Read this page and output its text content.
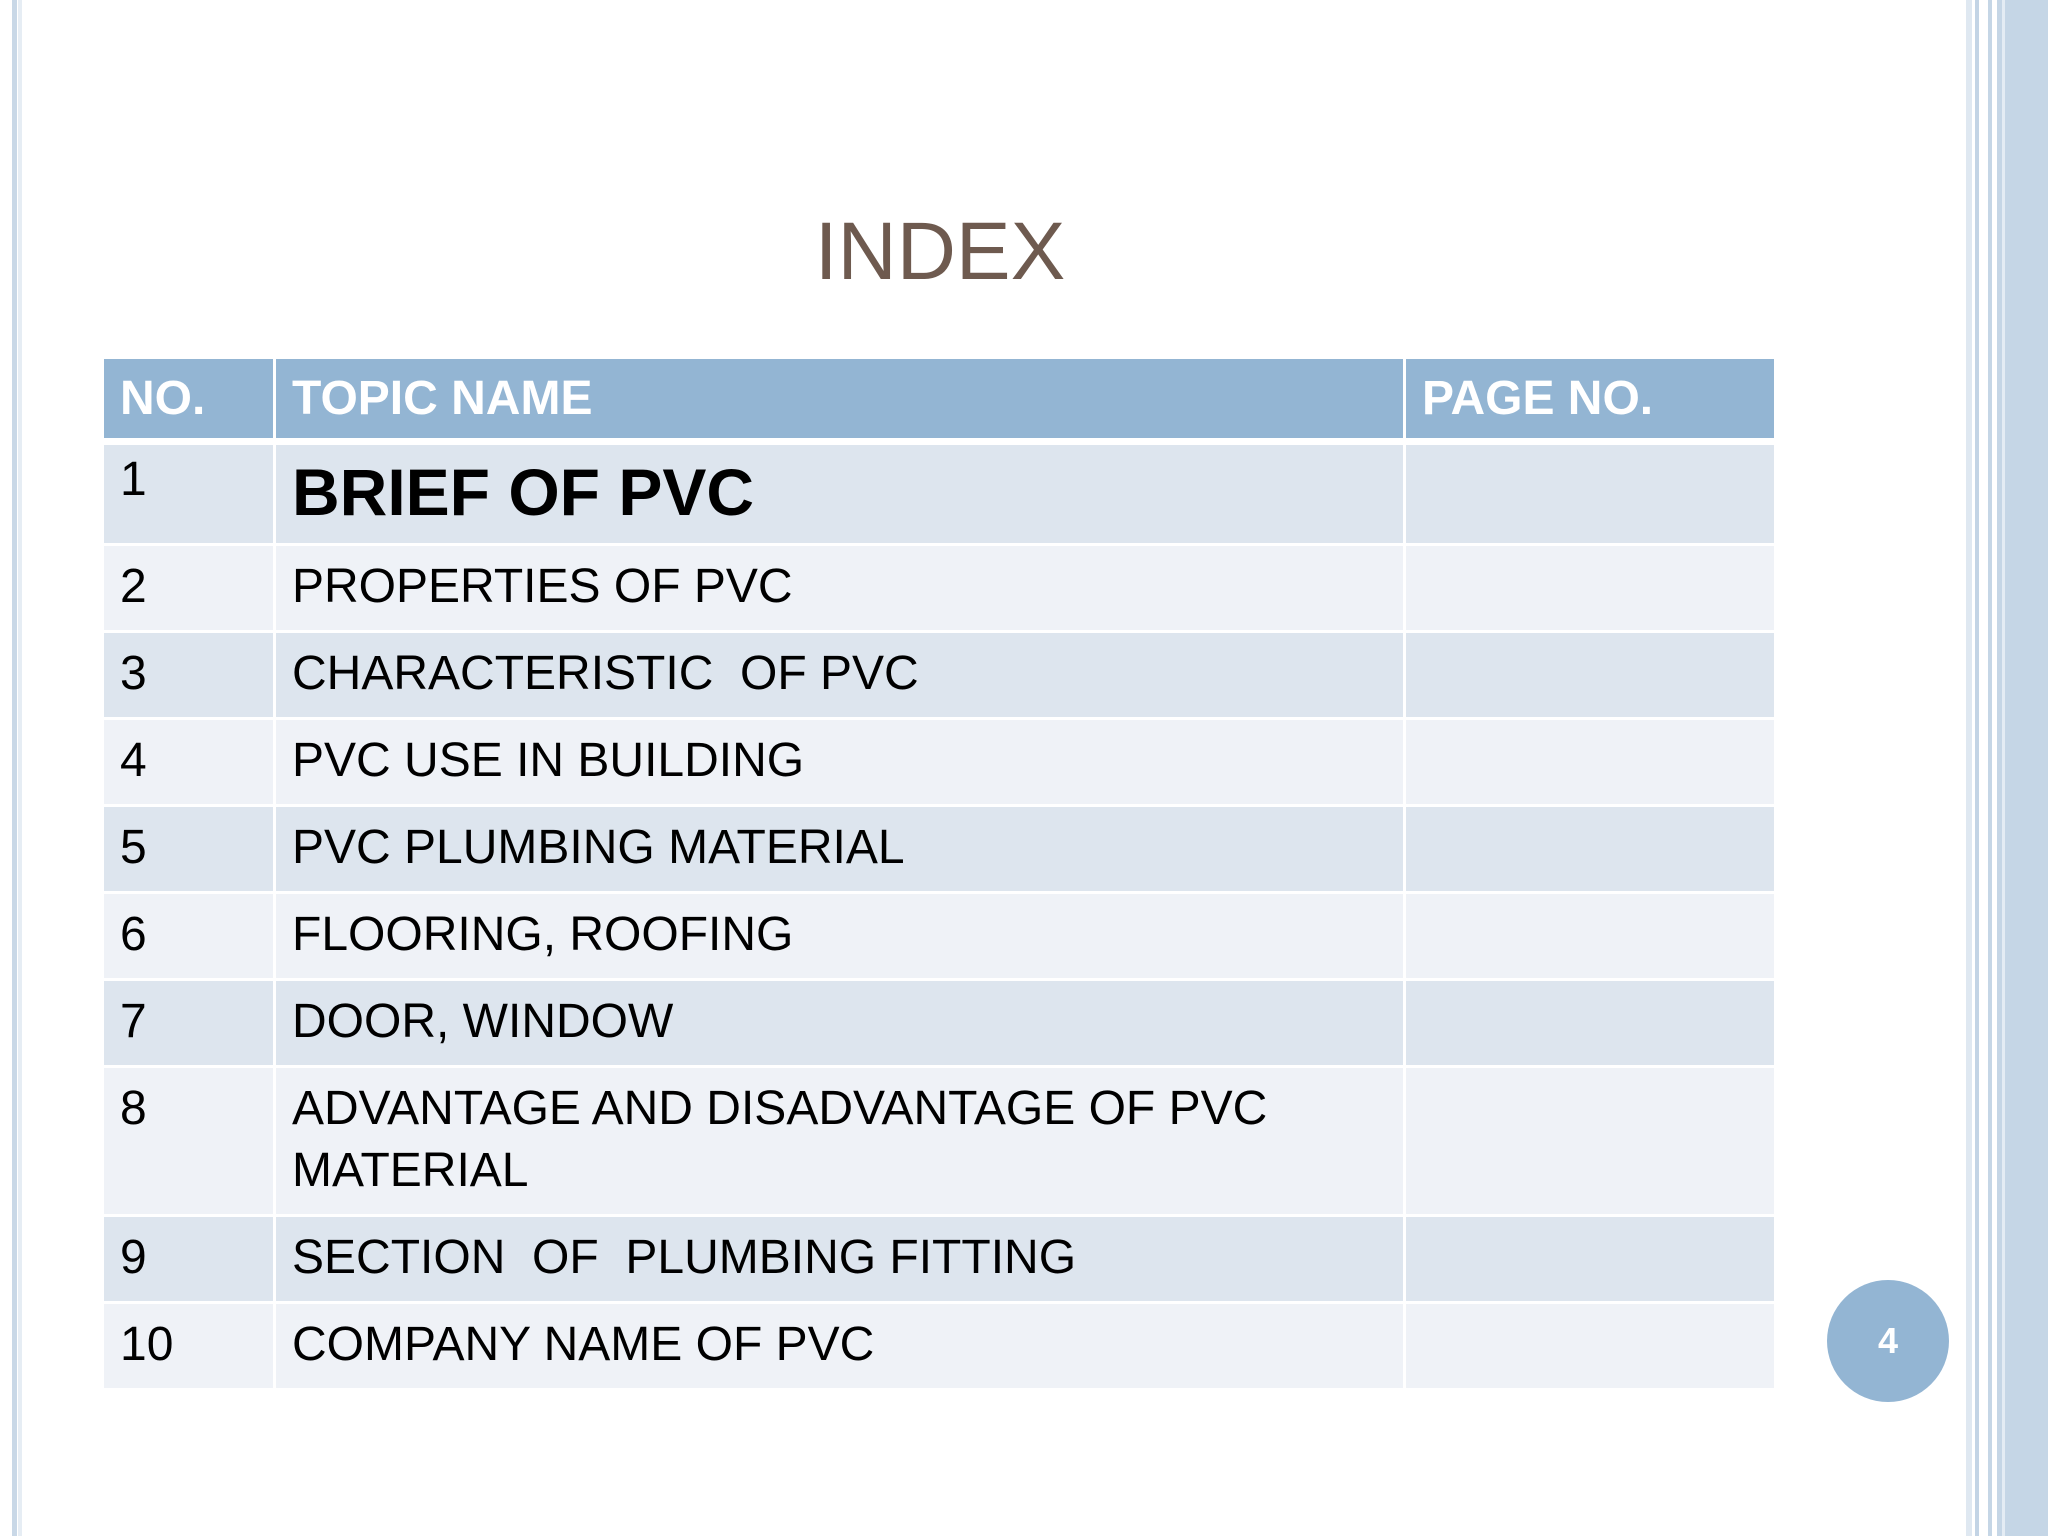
INDEX
NO.	TOPIC NAME	PAGE NO.
1	BRIEF OF PVC	
2	PROPERTIES OF PVC	
3	CHARACTERISTIC  OF PVC	
4	PVC USE IN BUILDING	
5	PVC PLUMBING MATERIAL	
6	FLOORING, ROOFING	
7	DOOR, WINDOW	
8	ADVANTAGE AND DISADVANTAGE OF PVC MATERIAL	
9	SECTION  OF  PLUMBING FITTING	
10	COMPANY NAME OF PVC		4
